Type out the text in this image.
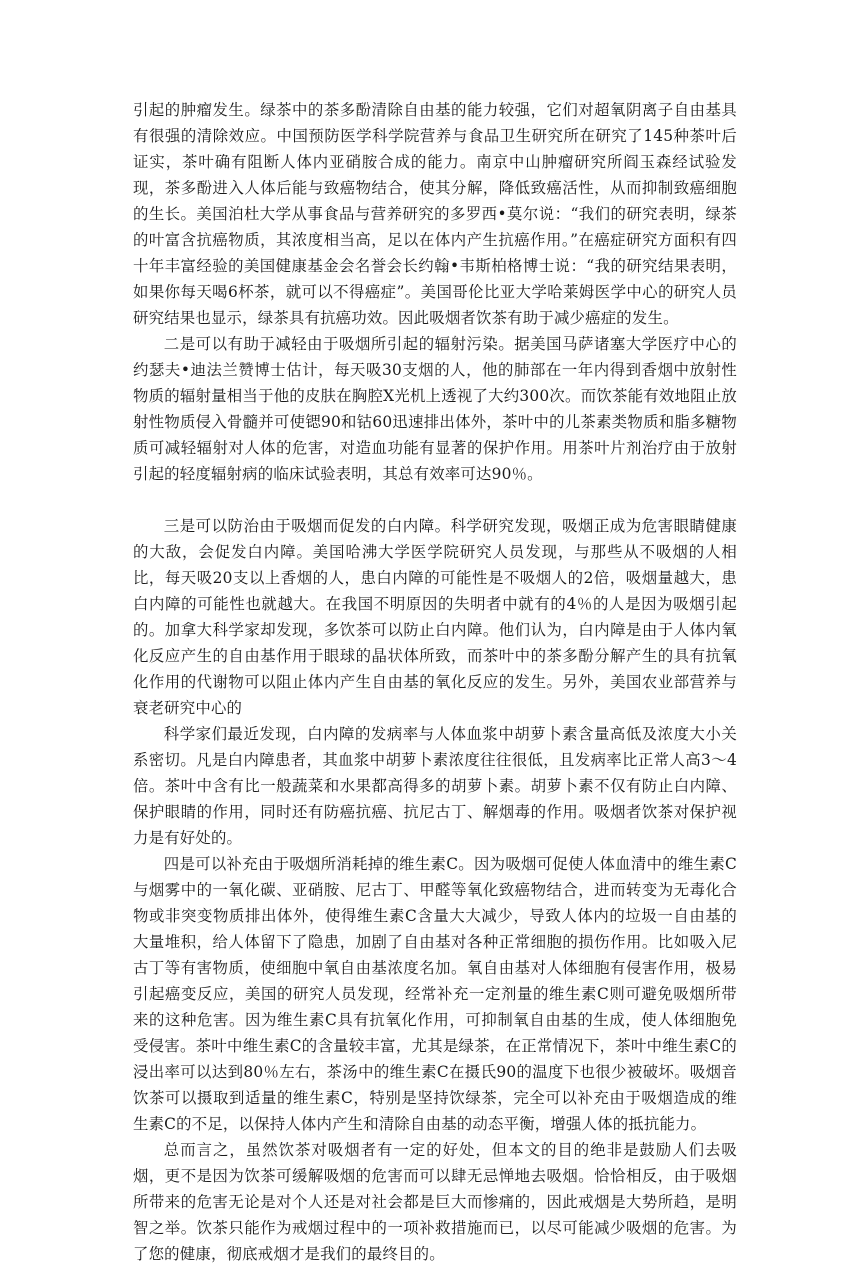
引起的肿瘤发生。绿茶中的茶多酚清除自由基的能力较强，它们对超氧阴离子自由基具有很强的清除效应。中国预防医学科学院营养与食品卫生研究所在研究了145种茶叶后证实，茶叶确有阻断人体内亚硝胺合成的能力。南京中山肿瘤研究所阎玉森经试验发现，茶多酚进入人体后能与致癌物结合，使其分解，降低致癌活性，从而抑制致癌细胞的生长。美国泊杜大学从事食品与营养研究的多罗西•莫尔说：“我们的研究表明，绿茶的叶富含抗癌物质，其浓度相当高，足以在体内产生抗癌作用。”在癌症研究方面积有四十年丰富经验的美国健康基金会名誉会长约翰•韦斯柏格博士说：“我的研究结果表明，如果你每天喝6杯茶，就可以不得癌症”。美国哥伦比亚大学哈莱姆医学中心的研究人员研究结果也显示，绿茶具有抗癌功效。因此吸烟者饮茶有助于减少癌症的发生。

二是可以有助于减轻由于吸烟所引起的辐射污染。据美国马萨诸塞大学医疗中心的约瑟夫•迪法兰赞博士估计，每天吸30支烟的人，他的肺部在一年内得到香烟中放射性物质的辐射量相当于他的皮肤在胸腔X光机上透视了大约300次。而饮茶能有效地阻止放射性物质侵入骨髓并可使锶90和钴60迅速排出体外，茶叶中的儿茶素类物质和脂多糖物质可减轻辐射对人体的危害，对造血功能有显著的保护作用。用茶叶片剂治疗由于放射引起的轻度辐射病的临床试验表明，其总有效率可达90％。

三是可以防治由于吸烟而促发的白内障。科学研究发现，吸烟正成为危害眼睛健康的大敌，会促发白内障。美国哈沸大学医学院研究人员发现，与那些从不吸烟的人相比，每天吸20支以上香烟的人，患白内障的可能性是不吸烟人的2倍，吸烟量越大，患白内障的可能性也就越大。在我国不明原因的失明者中就有的4％的人是因为吸烟引起的。加拿大科学家却发现，多饮茶可以防止白内障。他们认为，白内障是由于人体内氧化反应产生的自由基作用于眼球的晶状体所致，而茶叶中的茶多酚分解产生的具有抗氧化作用的代谢物可以阻止体内产生自由基的氧化反应的发生。另外，美国农业部营养与衰老研究中心的

科学家们最近发现，白内障的发病率与人体血浆中胡萝卜素含量高低及浓度大小关系密切。凡是白内障患者，其血浆中胡萝卜素浓度往往很低，且发病率比正常人高3～4倍。茶叶中含有比一般蔬菜和水果都高得多的胡萝卜素。胡萝卜素不仅有防止白内障、保护眼睛的作用，同时还有防癌抗癌、抗尼古丁、解烟毒的作用。吸烟者饮茶对保护视力是有好处的。

四是可以补充由于吸烟所消耗掉的维生素C。因为吸烟可促使人体血清中的维生素C与烟雾中的一氧化碳、亚硝胺、尼古丁、甲醛等氧化致癌物结合，进而转变为无毒化合物或非突变物质排出体外，使得维生素C含量大大减少，导致人体内的垃圾一自由基的大量堆积，给人体留下了隐患，加剧了自由基对各种正常细胞的损伤作用。比如吸入尼古丁等有害物质，使细胞中氧自由基浓度名加。氧自由基对人体细胞有侵害作用，极易引起癌变反应，美国的研究人员发现，经常补充一定剂量的维生素C则可避免吸烟所带来的这种危害。因为维生素C具有抗氧化作用，可抑制氧自由基的生成，使人体细胞免受侵害。茶叶中维生素C的含量较丰富，尤其是绿茶，在正常情况下，茶叶中维生素C的浸出率可以达到80％左右，茶汤中的维生素C在摄氏90的温度下也很少被破坏。吸烟音饮茶可以摄取到适量的维生素C，特别是坚持饮绿茶，完全可以补充由于吸烟造成的维生素C的不足，以保持人体内产生和清除自由基的动态平衡，增强人体的抵抗能力。

总而言之，虽然饮茶对吸烟者有一定的好处，但本文的目的绝非是鼓励人们去吸烟，更不是因为饮茶可缓解吸烟的危害而可以肆无忌惮地去吸烟。恰恰相反，由于吸烟所带来的危害无论是对个人还是对社会都是巨大而惨痛的，因此戒烟是大势所趋，是明智之举。饮茶只能作为戒烟过程中的一项补救措施而已，以尽可能减少吸烟的危害。为了您的健康，彻底戒烟才是我们的最终目的。
